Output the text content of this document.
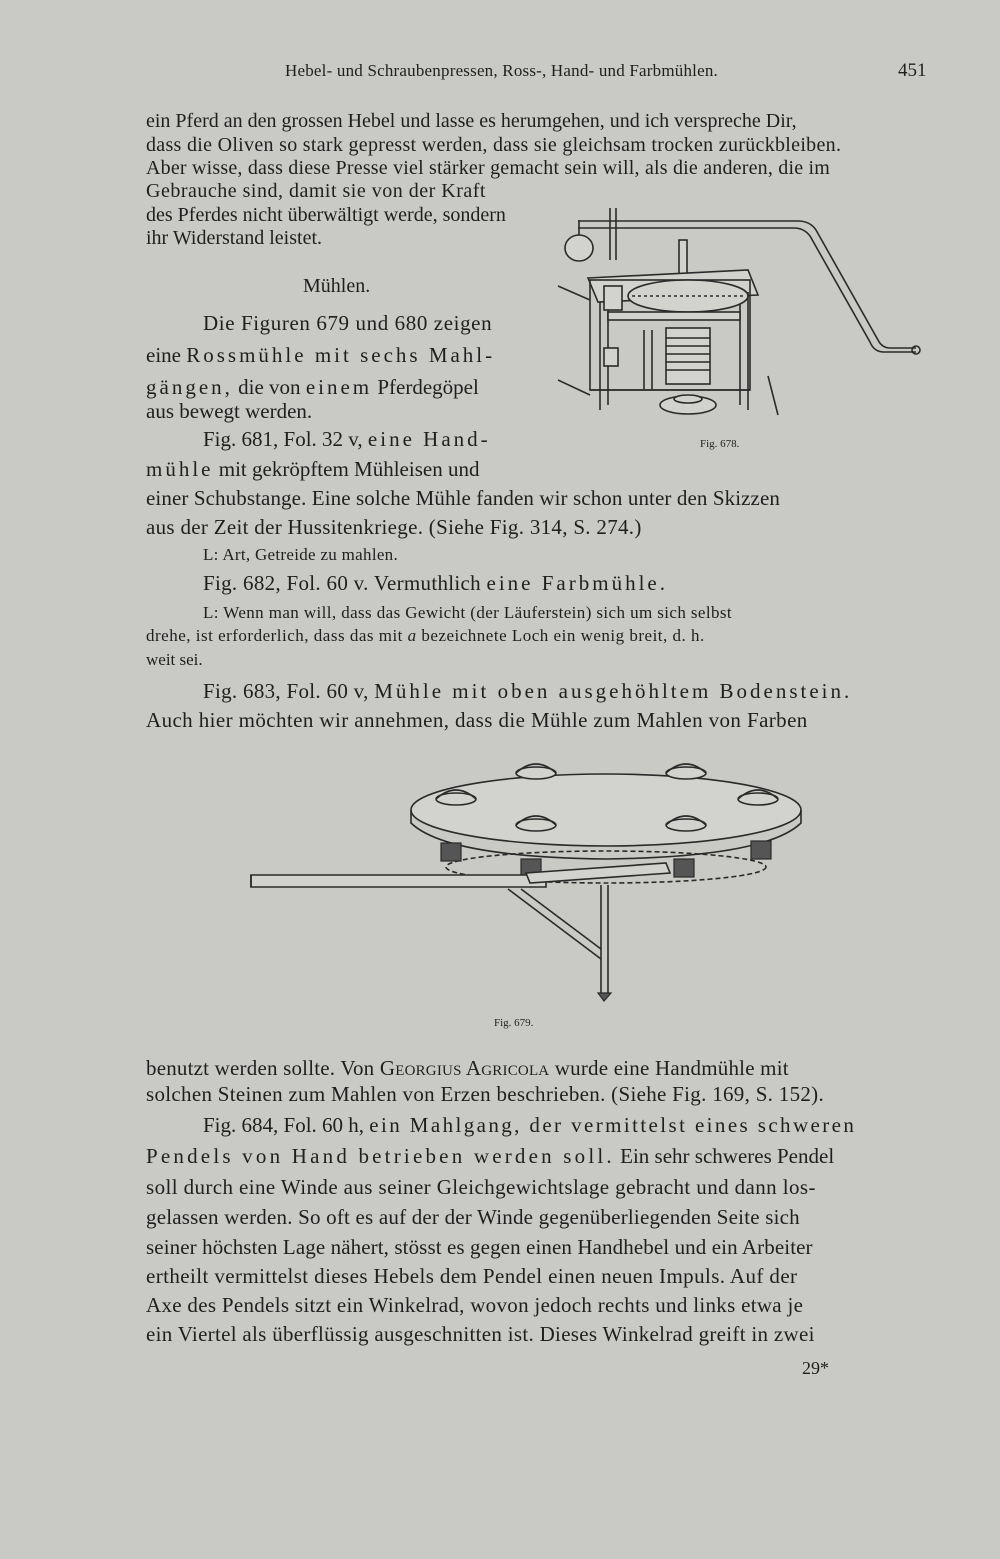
Hebel- und Schraubenpressen, Ross-, Hand- und Farbmühlen.	451
ein Pferd an den grossen Hebel und lasse es herumgehen, und ich verspreche Dir,
dass die Oliven so stark gepresst werden, dass sie gleichsam trocken zurückbleiben.
Aber wisse, dass diese Presse viel stärker gemacht sein will, als die anderen, die im
Gebrauche sind, damit sie von der Kraft
des Pferdes nicht überwältigt werde, sondern
ihr Widerstand leistet.
Mühlen.
Die Figuren 679 und 680 zeigen
eine Rossmühle mit sechs Mahl-
gängen, die von einem Pferdegöpel
aus bewegt werden.
Fig. 681, Fol. 32 v, eine Hand-
mühle mit gekröpftem Mühleisen und
einer Schubstange. Eine solche Mühle fanden wir schon unter den Skizzen
aus der Zeit der Hussitenkriege. (Siehe Fig. 314, S. 274.)
L: Art, Getreide zu mahlen.
Fig. 682, Fol. 60 v. Vermuthlich eine Farbmühle.
L: Wenn man will, dass das Gewicht (der Läuferstein) sich um sich selbst
drehe, ist erforderlich, dass das mit a bezeichnete Loch ein wenig breit, d. h.
weit sei.
Fig. 683, Fol. 60 v, Mühle mit oben ausgehöhltem Bodenstein.
Auch hier möchten wir annehmen, dass die Mühle zum Mahlen von Farben
Fig. 678.
Fig. 679.
benutzt werden sollte. Von Georgius Agricola wurde eine Handmühle mit
solchen Steinen zum Mahlen von Erzen beschrieben. (Siehe Fig. 169, S. 152).
Fig. 684, Fol. 60 h, ein Mahlgang, der vermittelst eines schweren
Pendels von Hand betrieben werden soll. Ein sehr schweres Pendel
soll durch eine Winde aus seiner Gleichgewichtslage gebracht und dann los-
gelassen werden. So oft es auf der der Winde gegenüberliegenden Seite sich
seiner höchsten Lage nähert, stösst es gegen einen Handhebel und ein Arbeiter
ertheilt vermittelst dieses Hebels dem Pendel einen neuen Impuls. Auf der
Axe des Pendels sitzt ein Winkelrad, wovon jedoch rechts und links etwa je
ein Viertel als überflüssig ausgeschnitten ist. Dieses Winkelrad greift in zwei
29*
